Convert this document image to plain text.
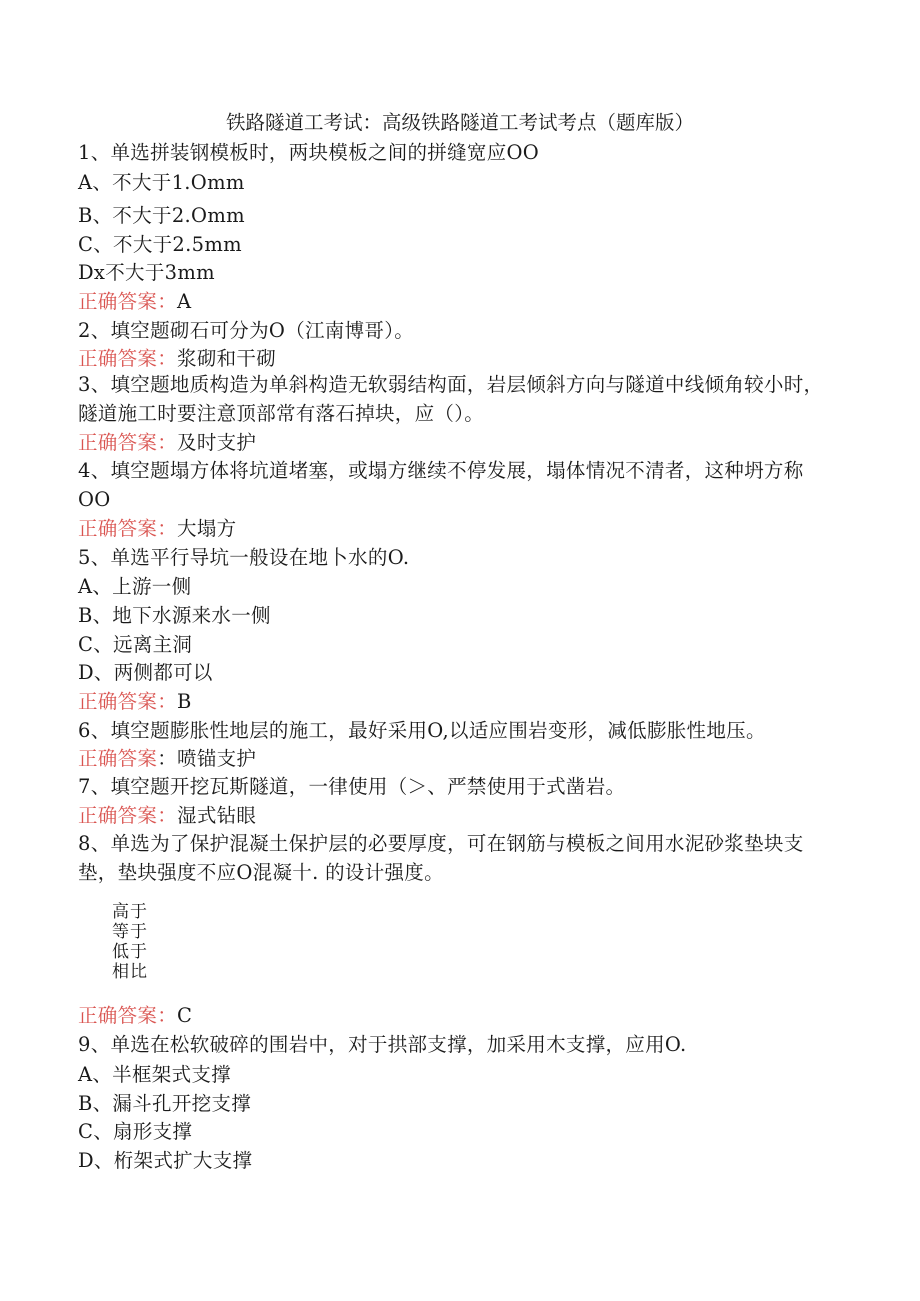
铁路隧道工考试：高级铁路隧道工考试考点（题库版）
1、单选拼装钢模板时，两块模板之间的拼缝宽应OO
A、不大于1.Omm
B、不大于2.Omm
C、不大于2.5mm
Dx不大于3mm
正确答案：A
2、填空题砌石可分为O（江南博哥）。
正确答案：浆砌和干砌
3、填空题地质构造为单斜构造无软弱结构面，岩层倾斜方向与隧道中线倾角较小时，隧道施工时要注意顶部常有落石掉块，应（）。
正确答案：及时支护
4、填空题塌方体将坑道堵塞，或塌方继续不停发展，塌体情况不清者，这种坍方称OO
正确答案：大塌方
5、单选平行导坑一般设在地卜水的O.
A、上游一侧
B、地下水源来水一侧
C、远离主洞
D、两侧都可以
正确答案：B
6、填空题膨胀性地层的施工，最好采用O,以适应围岩变形，减低膨胀性地压。
正确答案：喷锚支护
7、填空题开挖瓦斯隧道，一律使用（＞、严禁使用于式凿岩。
正确答案：湿式钻眼
8、单选为了保护混凝土保护层的必要厚度，可在钢筋与模板之间用水泥砂浆垫块支垫，垫块强度不应O混凝十. 的设计强度。
高于
等于
低于
相比
正确答案：C
9、单选在松软破碎的围岩中，对于拱部支撑，加采用木支撑，应用O.
A、半框架式支撑
B、漏斗孔开挖支撑
C、扇形支撑
D、桁架式扩大支撑
